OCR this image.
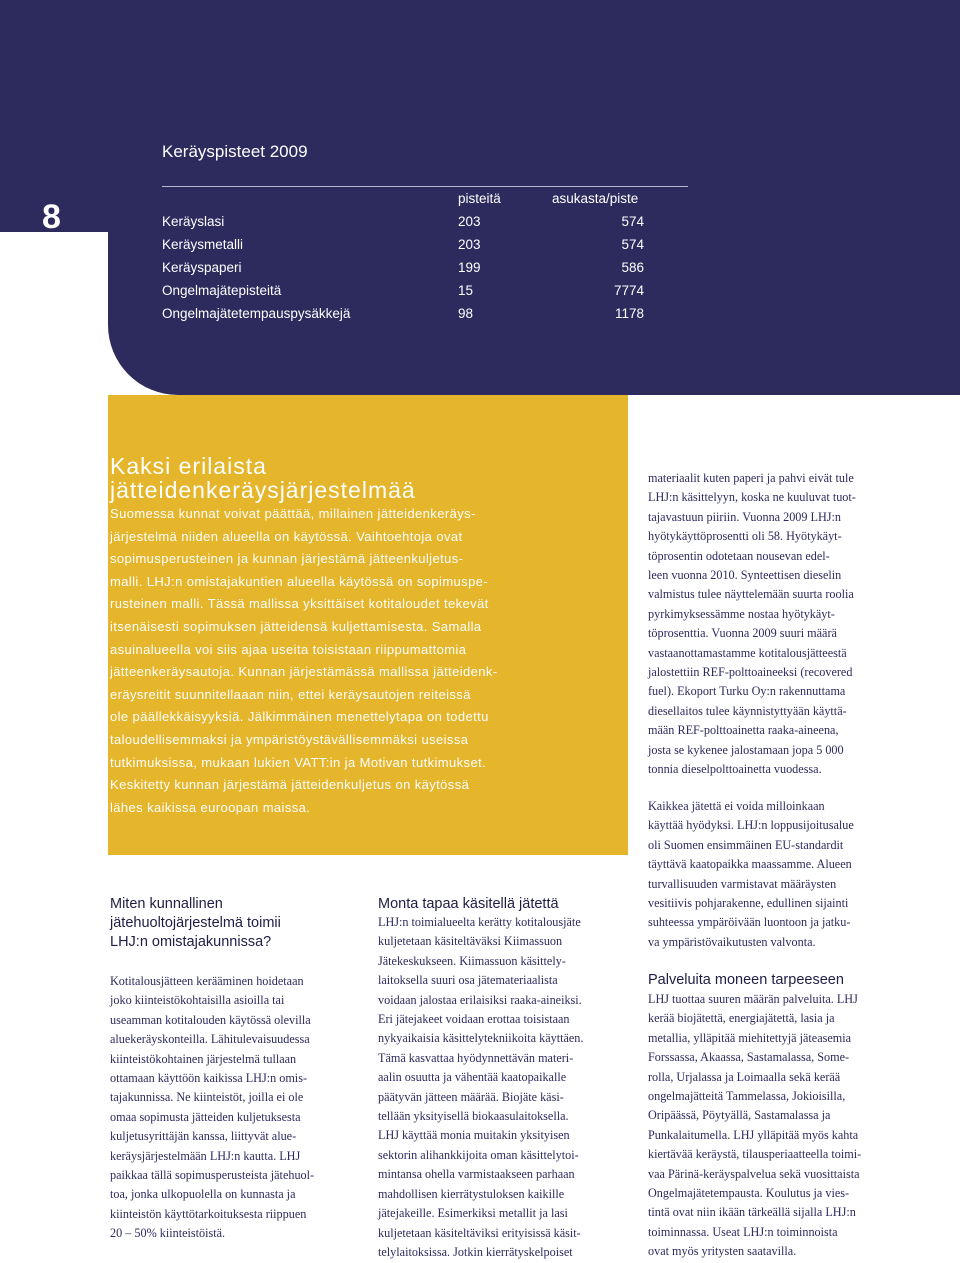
8
Keräyspisteet 2009
pisteitä	asukasta/piste
Keräyslasi	203	574
Keräysmetalli	203	574
Keräyspaperi	199	586
Ongelmajätepisteitä	15	7774
Ongelmajätetempauspysäkkejä	98	1178
Kaksi erilaista
jätteidenkeräysjärjestelmää
Suomessa kunnat voivat päättää, millainen jätteidenkeräys-
järjestelmä niiden alueella on käytössä. Vaihtoehtoja ovat
sopimusperusteinen ja kunnan järjestämä jätteenkuljetus-
malli. LHJ:n omistajakuntien alueella käytössä on sopimuspe-
rusteinen malli. Tässä mallissa yksittäiset kotitaloudet tekevät
itsenäisesti sopimuksen jätteidensä kuljettamisesta. Samalla
asuinalueella voi siis ajaa useita toisistaan riippumattomia
jätteenkeräysautoja. Kunnan järjestämässä mallissa jätteidenk-
eräysreitit suunnitellaaan niin, ettei keräysautojen reiteissä
ole päällekkäisyyksiä. Jälkimmäinen menettelytapa on todettu
taloudellisemmaksi ja ympäristöystävällisemmäksi useissa
tutkimuksissa, mukaan lukien VATT:in ja Motivan tutkimukset.
Keskitetty kunnan järjestämä jätteidenkuljetus on käytössä
lähes kaikissa euroopan maissa.
Miten kunnallinen
jätehuoltojärjestelmä toimii
LHJ:n omistajakunnissa?
Kotitalousjätteen kerääminen hoidetaan
joko kiinteistökohtaisilla asioilla tai
useamman kotitalouden käytössä olevilla
aluekeräyskonteilla. Lähitulevaisuudessa
kiinteistökohtainen järjestelmä tullaan
ottamaan käyttöön kaikissa LHJ:n omis-
tajakunnissa. Ne kiinteistöt, joilla ei ole
omaa sopimusta jätteiden kuljetuksesta
kuljetusyrittäjän kanssa, liittyvät alue-
keräysjärjestelmään LHJ:n kautta. LHJ
paikkaa tällä sopimusperusteista jätehuol-
toa, jonka ulkopuolella on kunnasta ja
kiinteistön käyttötarkoituksesta riippuen
20 – 50% kiinteistöistä.
Monta tapaa käsitellä jätettä
LHJ:n toimialueelta kerätty kotitalousjäte
kuljetetaan käsiteltäväksi Kiimassuon
Jätekeskukseen. Kiimassuon käsittely-
laitoksella suuri osa jätemateriaalista
voidaan jalostaa erilaisiksi raaka-aineiksi.
Eri jätejakeet voidaan erottaa toisistaan
nykyaikaisia käsittelytekniikoita käyttäen.
Tämä kasvattaa hyödynnettävän materi-
aalin osuutta ja vähentää kaatopaikalle
päätyvän jätteen määrää. Biojäte käsi-
tellään yksityisellä biokaasulaitoksella.
LHJ käyttää monia muitakin yksityisen
sektorin alihankkijoita oman käsittelytoi-
mintansa ohella varmistaakseen parhaan
mahdollisen kierrätystuloksen kaikille
jätejakeille. Esimerkiksi metallit ja lasi
kuljetetaan käsiteltäviksi erityisissä käsit-
telylaitoksissa. Jotkin kierrätyskelpoiset
materiaalit kuten paperi ja pahvi eivät tule
LHJ:n käsittelyyn, koska ne kuuluvat tuot-
tajavastuun piiriin. Vuonna 2009 LHJ:n
hyötykäyttöprosentti oli 58. Hyötykäyt-
töprosentin odotetaan nousevan edel-
leen vuonna 2010. Synteettisen dieselin
valmistus tulee näyttelemään suurta roolia
pyrkimyksessämme nostaa hyötykäyt-
töprosenttia. Vuonna 2009 suuri määrä
vastaanottamastamme kotitalousjätteestä
jalostettiin REF-polttoaineeksi (recovered
fuel). Ekoport Turku Oy:n rakennuttama
diesellaitos tulee käynnistyttyään käyttä-
mään REF-polttoainetta raaka-aineena,
josta se kykenee jalostamaan jopa 5 000
tonnia dieselpolttoainetta vuodessa.
Kaikkea jätettä ei voida milloinkaan
käyttää hyödyksi. LHJ:n loppusijoitusalue
oli Suomen ensimmäinen EU-standardit
täyttävä kaatopaikka maassamme. Alueen
turvallisuuden varmistavat määräysten
vesitiivis pohjarakenne, edullinen sijainti
suhteessa ympäröivään luontoon ja jatku-
va ympäristövaikutusten valvonta.
Palveluita moneen tarpeeseen
LHJ tuottaa suuren määrän palveluita. LHJ
kerää biojätettä, energiajätettä, lasia ja
metallia, ylläpitää miehitettyjä jäteasemia
Forssassa, Akaassa, Sastamalassa, Some-
rolla, Urjalassa ja Loimaalla sekä kerää
ongelmajätteitä Tammelassa, Jokioisilla,
Oripäässä, Pöytyällä, Sastamalassa ja
Punkalaitumella. LHJ ylläpitää myös kahta
kiertävää keräystä, tilausperiaatteella toimi-
vaa Pärinä-keräyspalvelua sekä vuosittaista
Ongelmajätetempausta. Koulutus ja vies-
tintä ovat niin ikään tärkeällä sijalla LHJ:n
toiminnassa. Useat LHJ:n toiminnoista
ovat myös yritysten saatavilla.
